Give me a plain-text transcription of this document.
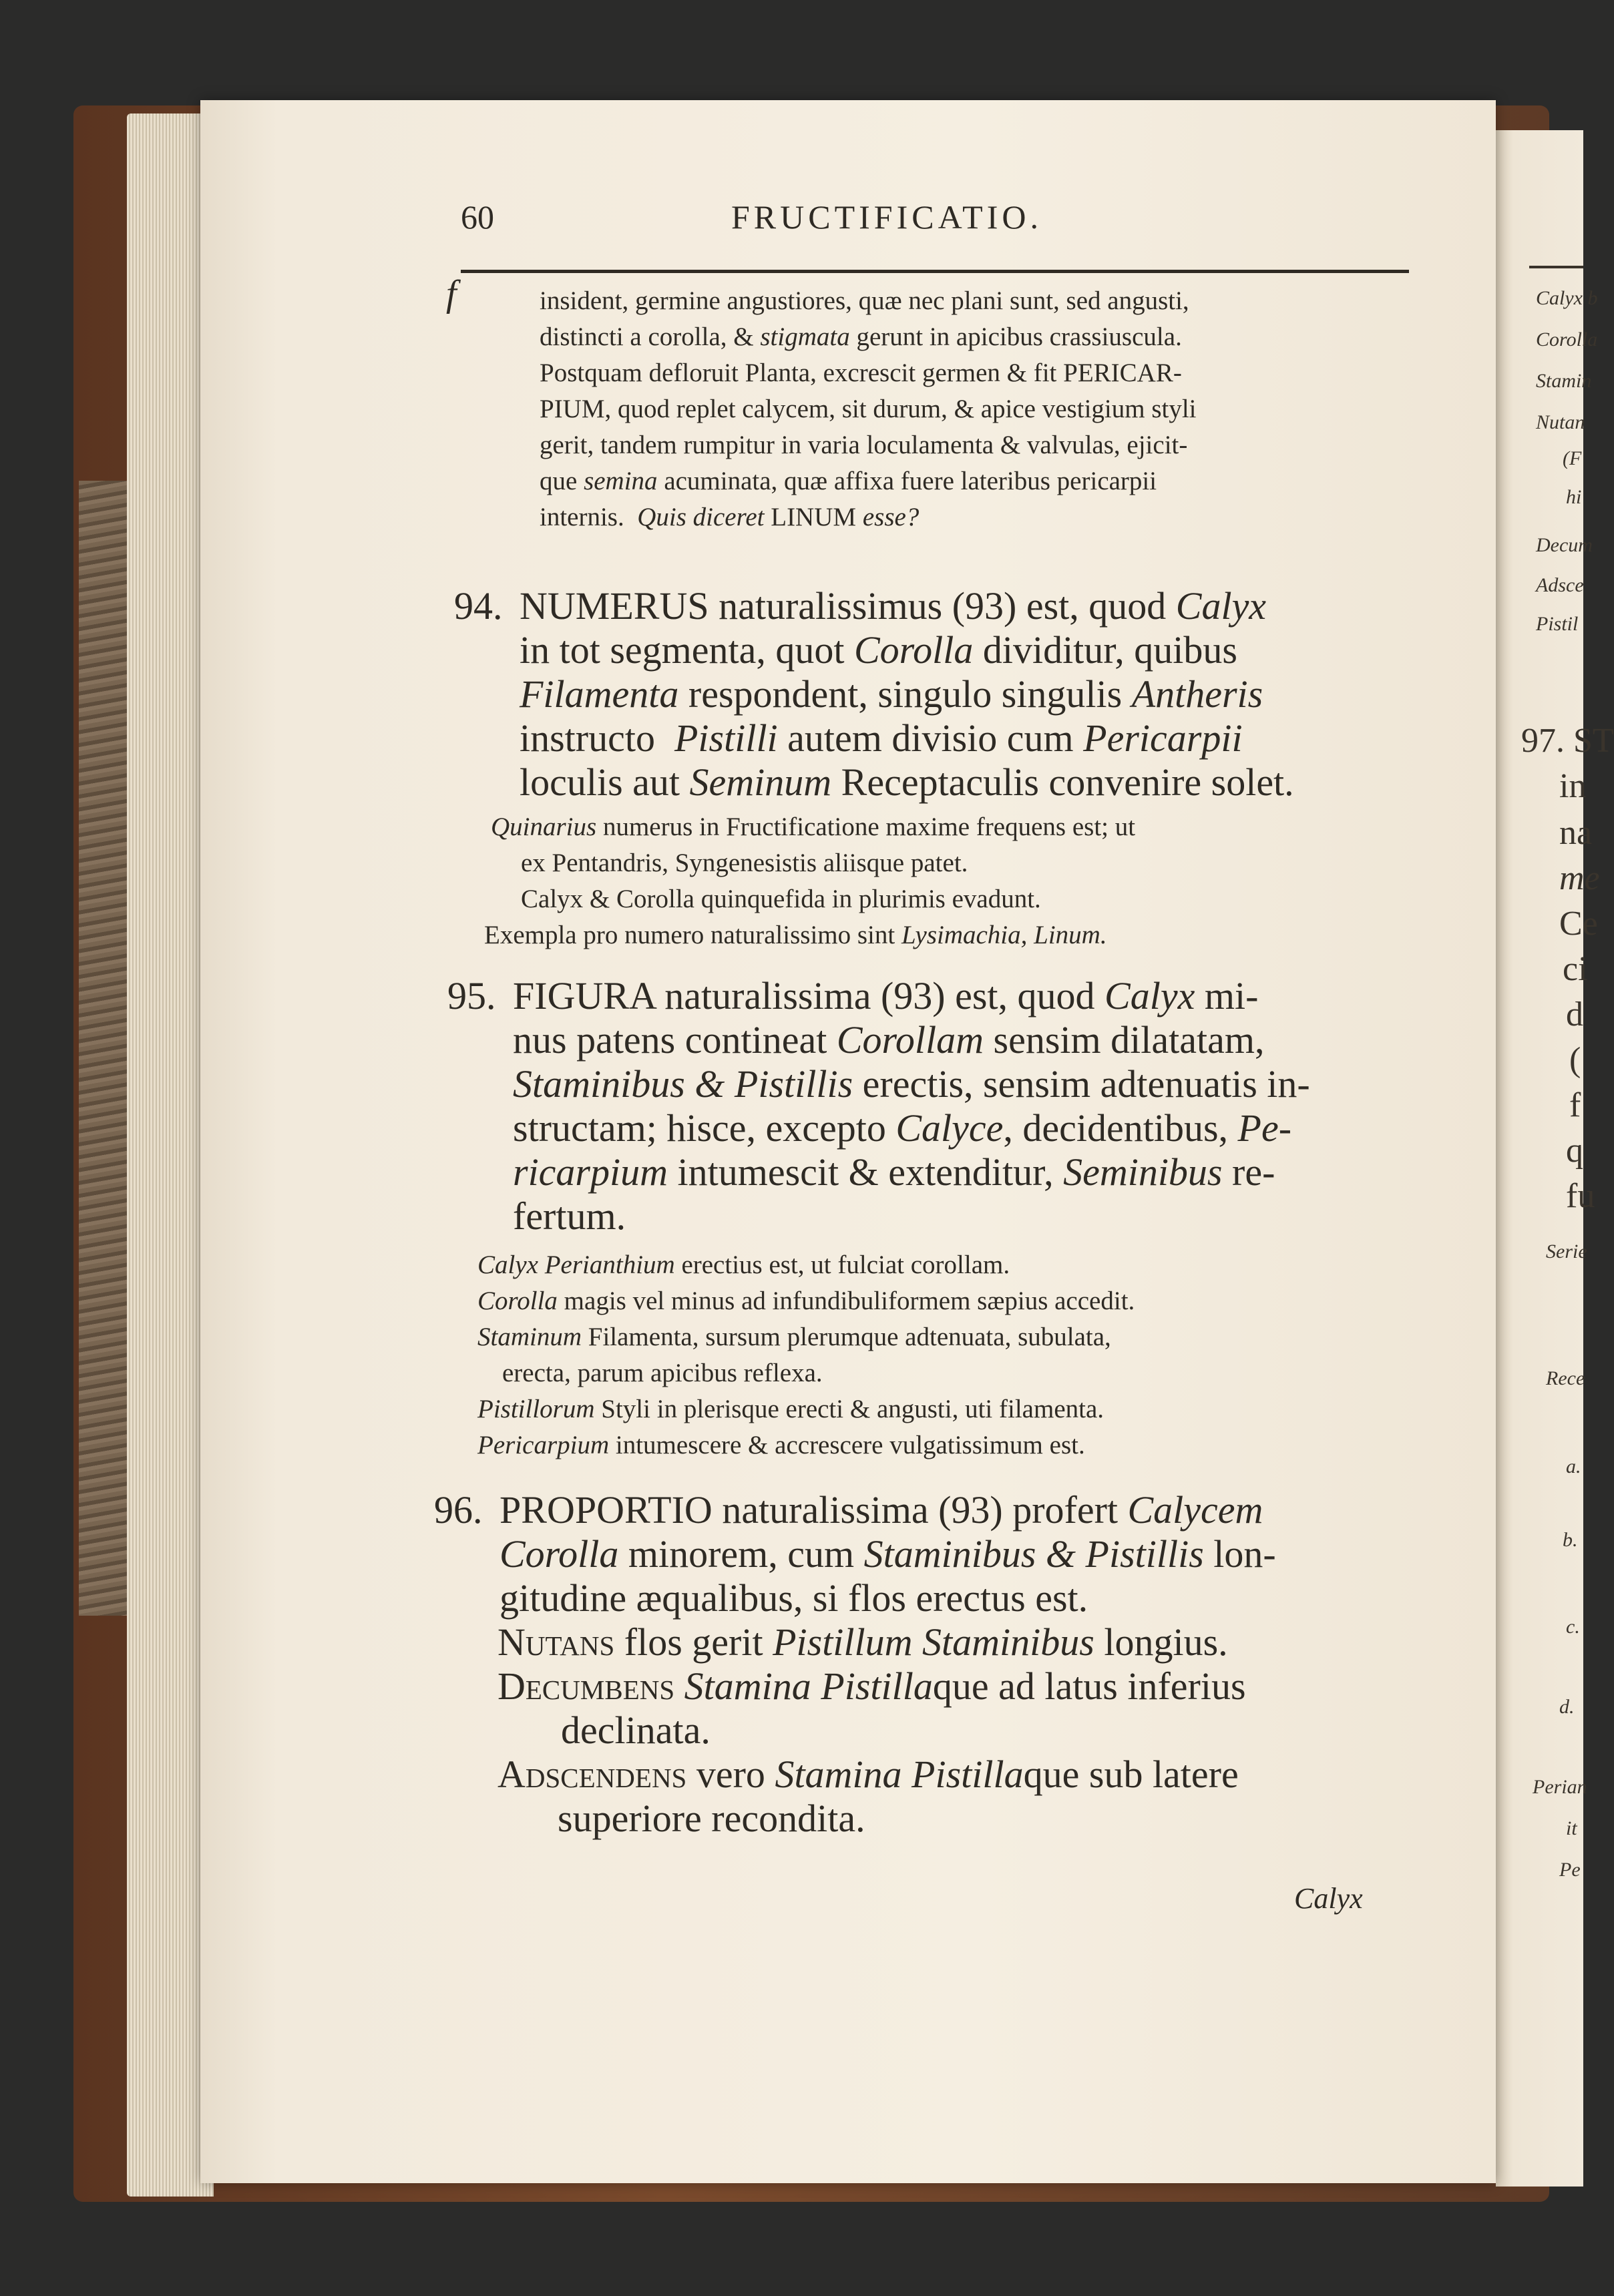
60	FRUCTIFICATIO.
f	insident, germine angustiores, quæ nec plani sunt, sed angusti,
distincti a corolla, & stigmata gerunt in apicibus crassiuscula.
Postquam defloruit Planta, excrescit germen & fit PERICAR-
PIUM, quod replet calycem, sit durum, & apice vestigium styli
gerit, tandem rumpitur in varia loculamenta & valvulas, ejicit-
que semina acuminata, quæ affixa fuere lateribus pericarpii
internis. Quis diceret LINUM esse?
94. NUMERUS naturalissimus (93) est, quod Calyx
in tot segmenta, quot Corolla dividitur, quibus
Filamenta respondent, singulo singulis Antheris
instructo Pistilli autem divisio cum Pericarpii
loculis aut Seminum Receptaculis convenire solet.
Quinarius numerus in Fructificatione maxime frequens est; ut
ex Pentandris, Syngenesistis aliisque patet.
Calyx & Corolla quinquefida in plurimis evadunt.
Exempla pro numero naturalissimo sint Lysimachia, Linum.
95. FIGURA naturalissima (93) est, quod Calyx mi-
nus patens contineat Corollam sensim dilatatam,
Staminibus & Pistillis erectis, sensim adtenuatis in-
structam; hisce, excepto Calyce, decidentibus, Pe-
ricarpium intumescit & extenditur, Seminibus re-
fertum.
Calyx Perianthium erectius est, ut fulciat corollam.
Corolla magis vel minus ad infundibuliformem sæpius accedit.
Staminum Filamenta, sursum plerumque adtenuata, subulata,
erecta, parum apicibus reflexa.
Pistillorum Styli in plerisque erecti & angusti, uti filamenta.
Pericarpium intumescere & accrescere vulgatissimum est.
96. PROPORTIO naturalissima (93) profert Calycem
Corolla minorem, cum Staminibus & Pistillis lon-
gitudine æqualibus, si flos erectus est.
Nutans flos gerit Pistillum Staminibus longius.
Decumbens Stamina Pistillaque ad latus inferius
declinata.
Adscendens vero Stamina Pistillaque sub latere
superiore recondita.
Calyx
Calyx b
Corolla
Stamin
Nutan
(F
hi
Decum
Adsce
Pistil
97. ST
in
na
me
Ce
ci
d
(
f
q
fu
Serie
Rece
a.
b.
c.
d.
Perian
it
Pe
